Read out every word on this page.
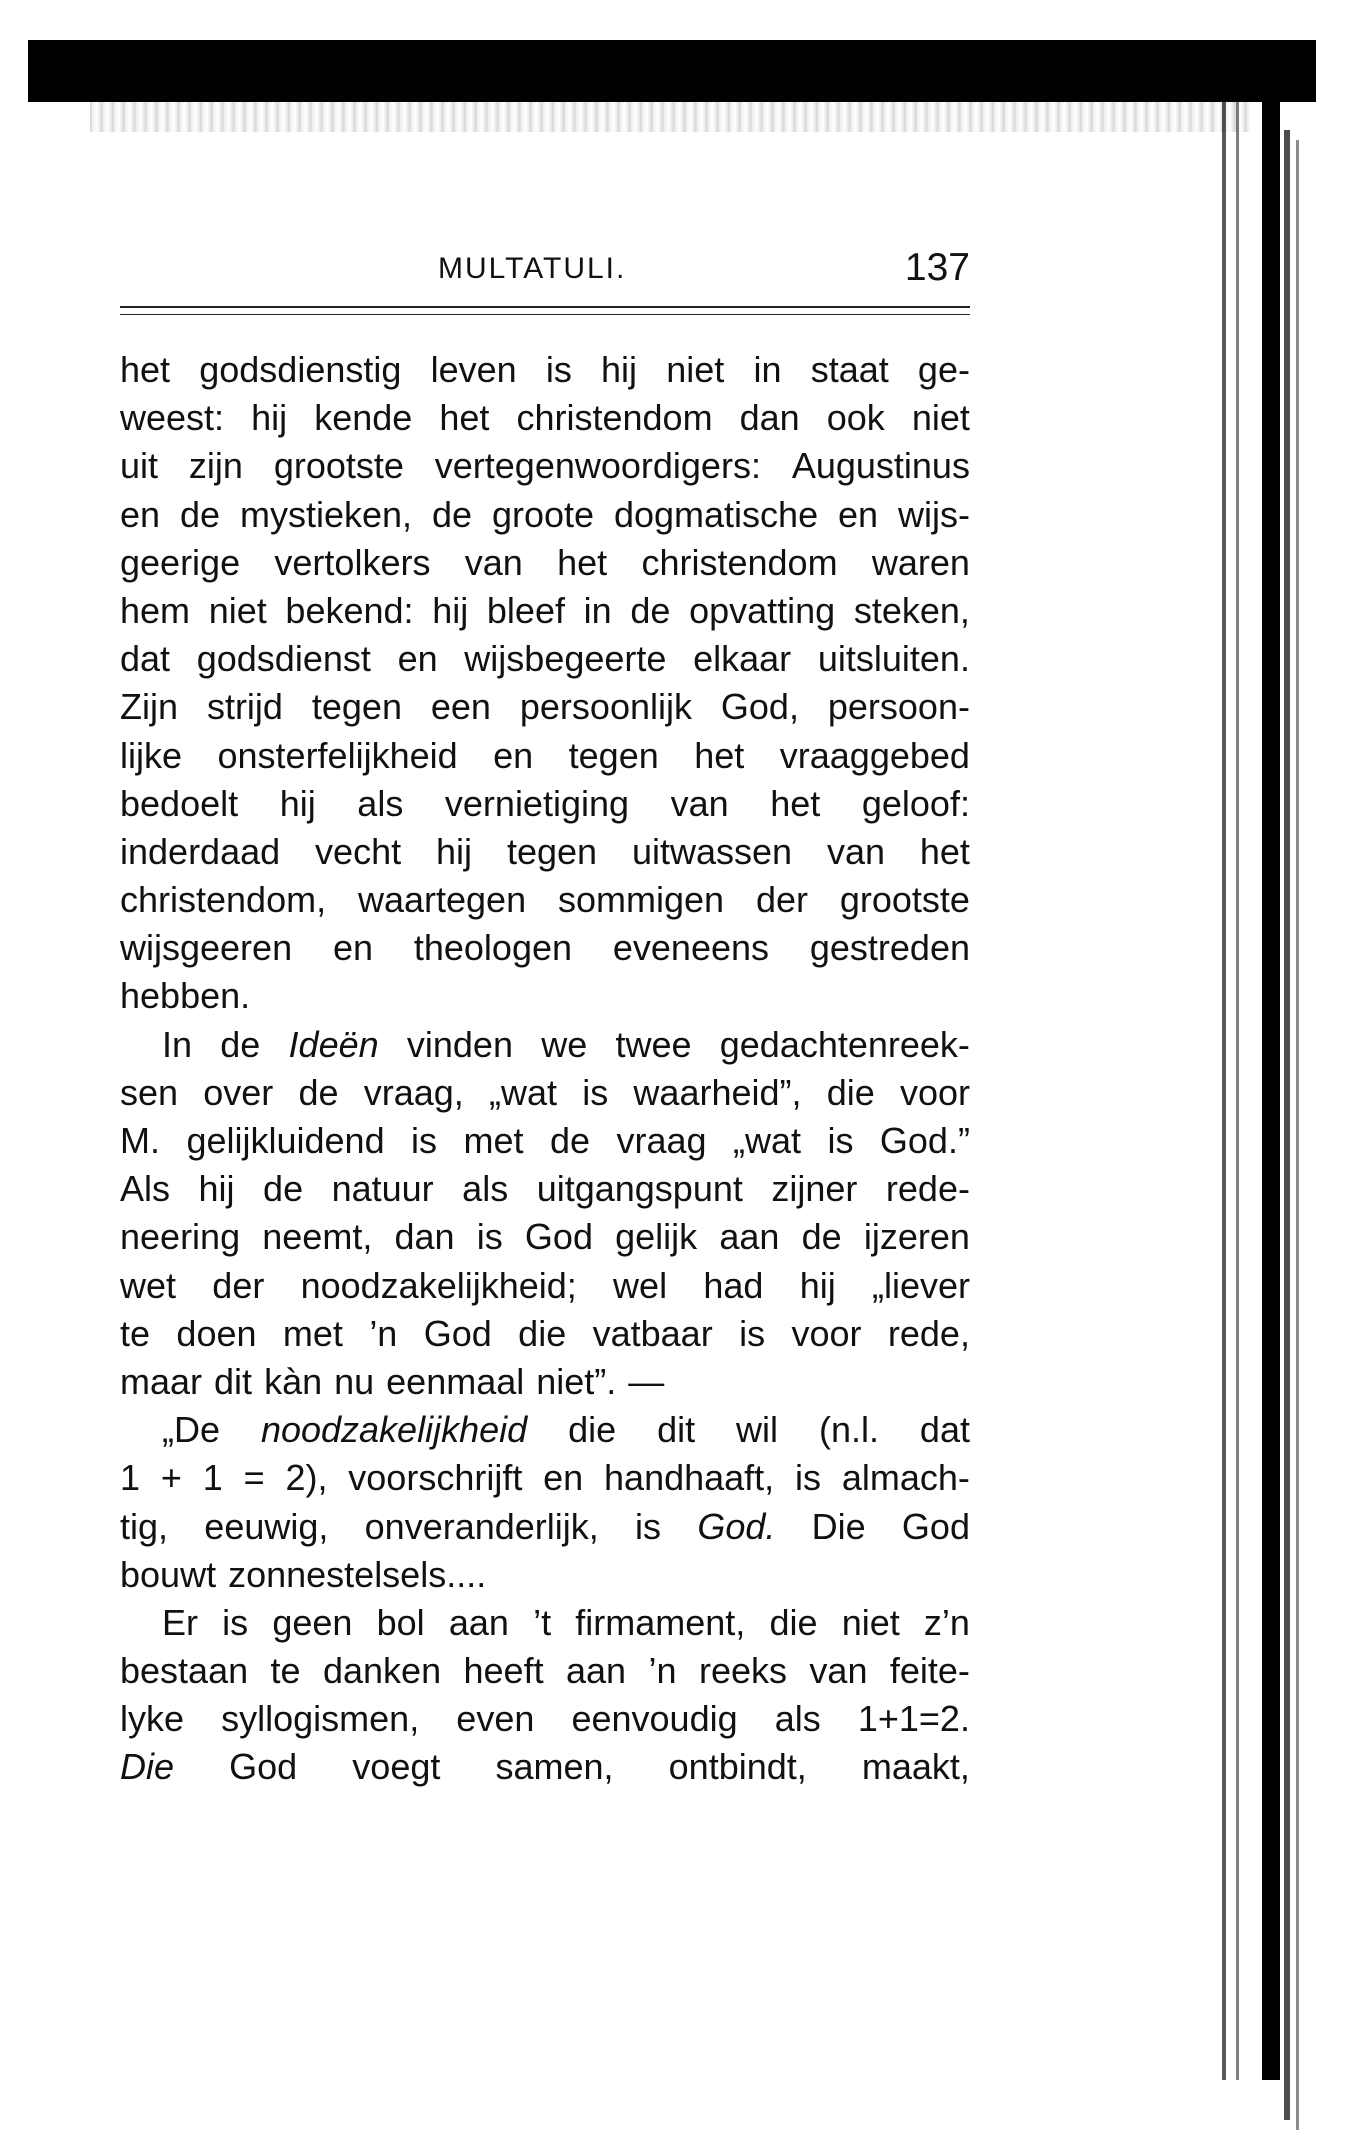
MULTATULI.	137
het godsdienstig leven is hij niet in staat ge-
weest: hij kende het christendom dan ook niet
uit zijn grootste vertegenwoordigers: Augustinus
en de mystieken, de groote dogmatische en wijs-
geerige vertolkers van het christendom waren
hem niet bekend: hij bleef in de opvatting steken,
dat godsdienst en wijsbegeerte elkaar uitsluiten.
Zijn strijd tegen een persoonlijk God, persoon-
lijke onsterfelijkheid en tegen het vraaggebed
bedoelt hij als vernietiging van het geloof:
inderdaad vecht hij tegen uitwassen van het
christendom, waartegen sommigen der grootste
wijsgeeren en theologen eveneens gestreden
hebben.
In de Ideën vinden we twee gedachtenreek-
sen over de vraag, „wat is waarheid”, die voor
M. gelijkluidend is met de vraag „wat is God.”
Als hij de natuur als uitgangspunt zijner rede-
neering neemt, dan is God gelijk aan de ijzeren
wet der noodzakelijkheid; wel had hij „liever
te doen met ’n God die vatbaar is voor rede,
maar dit kàn nu eenmaal niet”. —
„De noodzakelijkheid die dit wil (n.l. dat
1 + 1 = 2), voorschrijft en handhaaft, is almach-
tig, eeuwig, onveranderlijk, is God. Die God
bouwt zonnestelsels....
Er is geen bol aan ’t firmament, die niet z’n
bestaan te danken heeft aan ’n reeks van feite-
lyke syllogismen, even eenvoudig als 1+1=2.
Die God voegt samen, ontbindt, maakt,
